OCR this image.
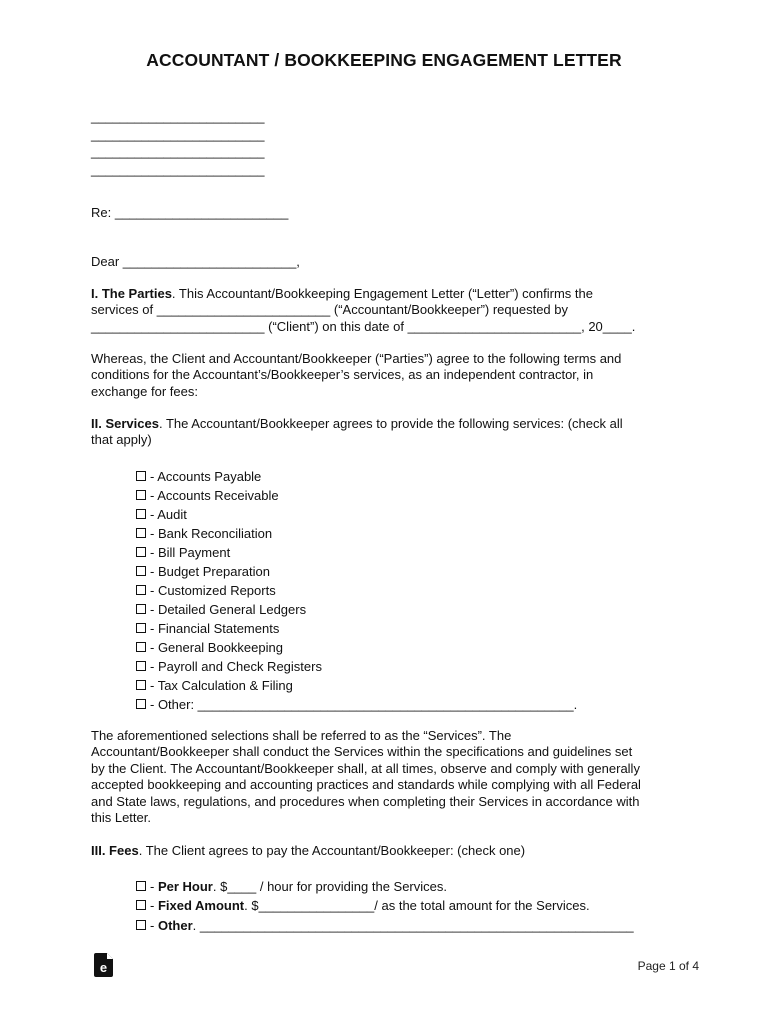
ACCOUNTANT / BOOKKEEPING ENGAGEMENT LETTER
________________________
________________________
________________________
________________________
Re: ________________________
Dear ________________________,
I. The Parties. This Accountant/Bookkeeping Engagement Letter (“Letter”) confirms the
services of ________________________ (“Accountant/Bookkeeper”) requested by
________________________ (“Client”) on this date of ________________________, 20____.
Whereas, the Client and Accountant/Bookkeeper (“Parties”) agree to the following terms and
conditions for the Accountant’s/Bookkeeper’s services, as an independent contractor, in
exchange for fees:
II. Services. The Accountant/Bookkeeper agrees to provide the following services: (check all
that apply)
- Accounts Payable
- Accounts Receivable
- Audit
- Bank Reconciliation
- Bill Payment
- Budget Preparation
- Customized Reports
- Detailed General Ledgers
- Financial Statements
- General Bookkeeping
- Payroll and Check Registers
- Tax Calculation & Filing
- Other: ____________________________________________________.
The aforementioned selections shall be referred to as the “Services”. The
Accountant/Bookkeeper shall conduct the Services within the specifications and guidelines set
by the Client. The Accountant/Bookkeeper shall, at all times, observe and comply with generally
accepted bookkeeping and accounting practices and standards while complying with all Federal
and State laws, regulations, and procedures when completing their Services in accordance with
this Letter.
III. Fees. The Client agrees to pay the Accountant/Bookkeeper: (check one)
- Per Hour. $____ / hour for providing the Services.
- Fixed Amount. $________________/ as the total amount for the Services.
- Other. ____________________________________________________________
e	Page 1 of 4
